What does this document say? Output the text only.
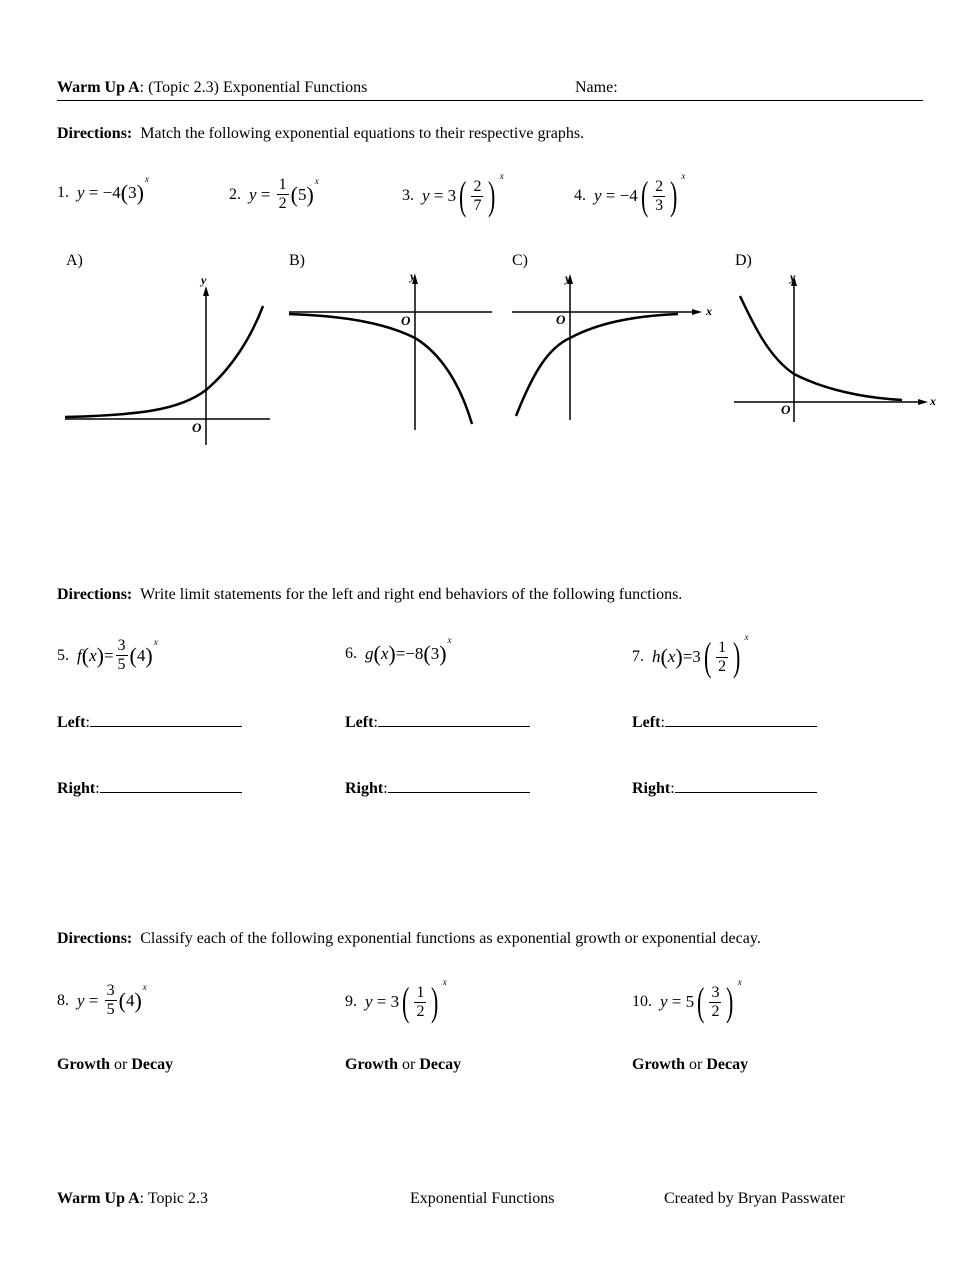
Warm Up A: (Topic 2.3) Exponential Functions	Name:
Directions: Match the following exponential equations to their respective graphs.
1. y = −4 ( 3 )
x
2. $y = \frac{1}{2}$ ( 5 )
x
3. y = 3 ( $\frac{2}{7}$ ) x
4. y = −4 ( $\frac{2}{3}$ ) x
A)	B)	C)	D)
y
O
y
O
x
y
O
x
y
O
Directions: Write limit statements for the left and right end behaviors of the following functions.
5. f ( x ) = $\frac{3}{5}$ ( 4 )
x
6. g ( x ) = −8 ( 3 )
x
7. h ( x ) = 3 ( $\frac{1}{2}$ ) x
Left:	Left:	Left:
Right:	Right:	Right:
Directions: Classify each of the following exponential functions as exponential growth or exponential decay.
8. $y = \frac{3}{5}$ ( 4 )
x
9. y = 3 ( $\frac{1}{2}$ ) x
10. y = 5 ( $\frac{3}{2}$ ) x
Growth or Decay	Growth or Decay	Growth or Decay
Warm Up A: Topic 2.3	Exponential Functions	Created by Bryan Passwater
